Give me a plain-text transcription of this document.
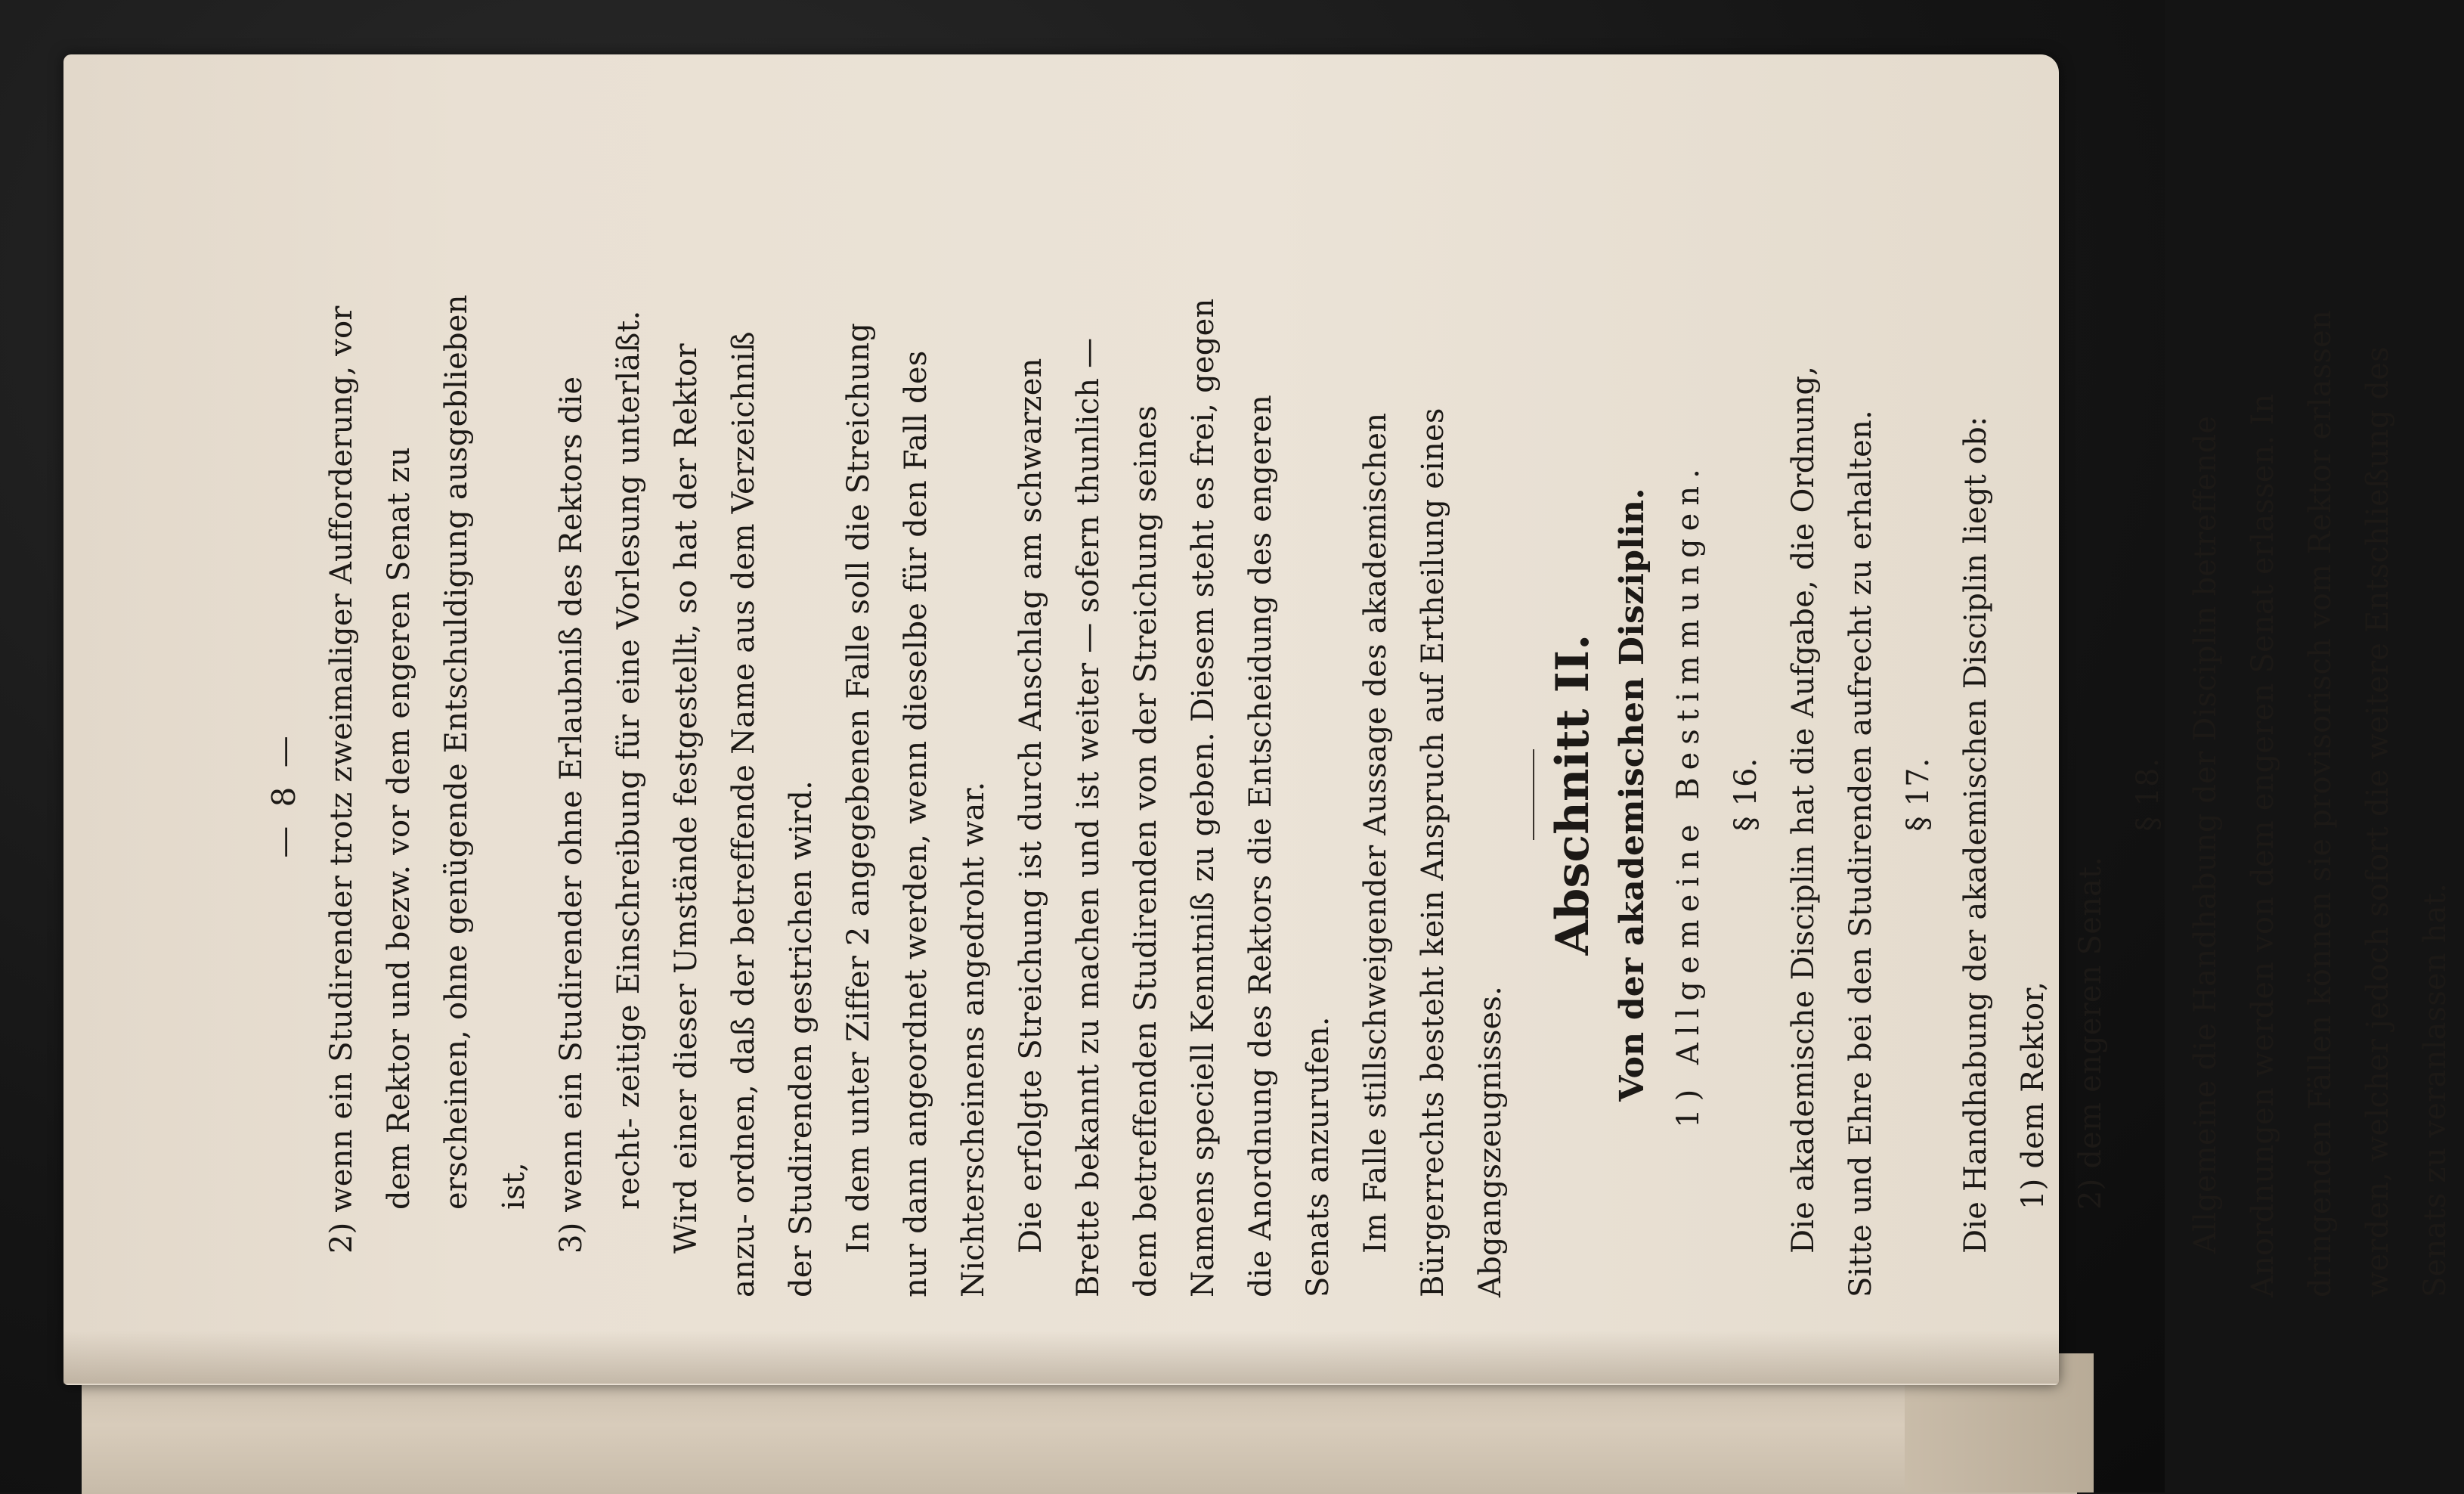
— 8 — 2) wenn ein Studirender trotz zweimaliger Aufforderung, vor dem Rektor und bezw. vor dem engeren Senat zu erscheinen, ohne genügende Entschuldigung ausgeblieben ist, 3) wenn ein Studirender ohne Erlaubniß des Rektors die recht- zeitige Einschreibung für eine Vorlesung unterläßt. Wird einer dieser Umstände festgestellt, so hat der Rektor anzu- ordnen, daß der betreffende Name aus dem Verzeichniß der Studirenden gestrichen wird. In dem unter Ziffer 2 angegebenen Falle soll die Streichung nur dann angeordnet werden, wenn dieselbe für den Fall des Nichterscheinens angedroht war. Die erfolgte Streichung ist durch Anschlag am schwarzen Brette bekannt zu machen und ist weiter — sofern thunlich — dem betreffenden Studirenden von der Streichung seines Namens speciell Kenntniß zu geben. Diesem steht es frei, gegen die Anordnung des Rektors die Entscheidung des engeren Senats anzurufen. Im Falle stillschweigender Aussage des akademischen Bürgerrechts besteht kein Anspruch auf Ertheilung eines Abgangszeugnisses.

Abschnitt II. Von der akademischen Disziplin. 1) Allgemeine Bestimmungen. § 16. Die akademische Disciplin hat die Aufgabe, die Ordnung, Sitte und Ehre bei den Studirenden aufrecht zu erhalten. § 17. Die Handhabung der akademischen Disciplin liegt ob: 1) dem Rektor, 2) dem engeren Senat.

§ 18. Allgemeine die Handhabung der Disciplin betreffende Anordnungen werden von dem engeren Senat erlassen. In dringenden Fällen können sie provisorisch vom Rektor erlassen werden, welcher jedoch sofort die weitere Entschließung des Senats zu veranlassen hat.
